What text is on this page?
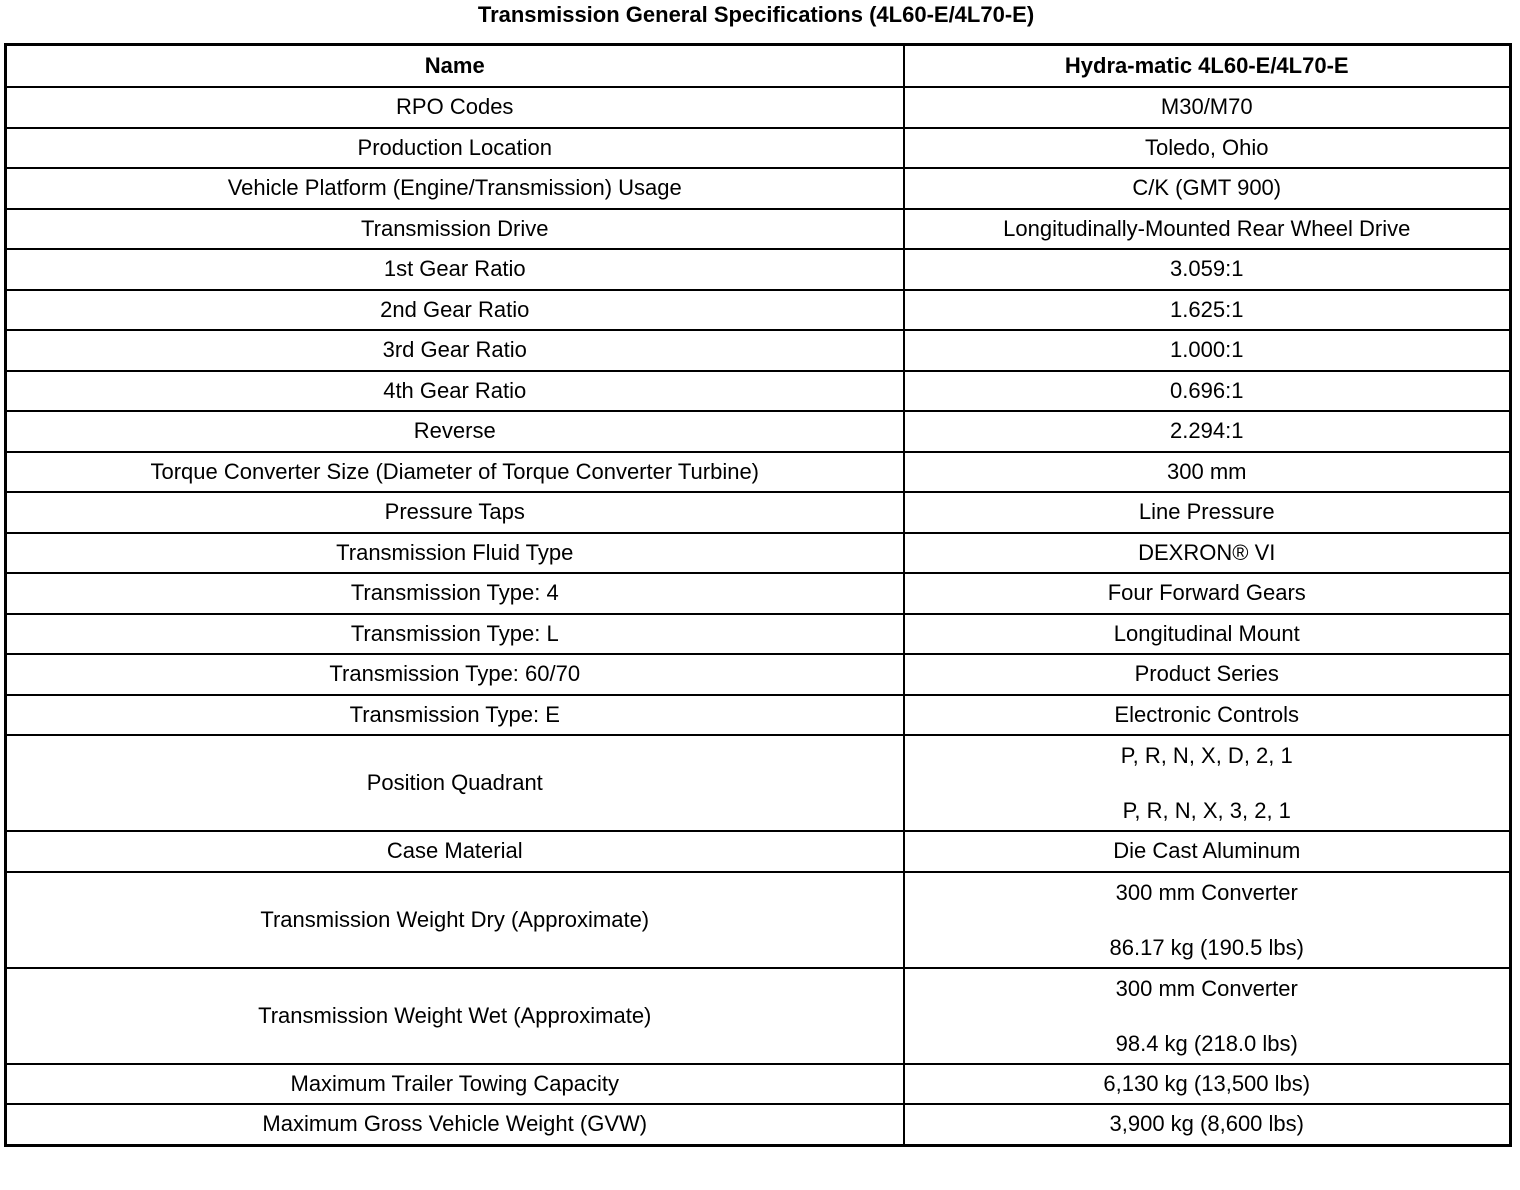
Transmission General Specifications (4L60-E/4L70-E)
Name	Hydra-matic 4L60-E/4L70-E
RPO Codes	M30/M70
Production Location	Toledo, Ohio
Vehicle Platform (Engine/Transmission) Usage	C/K (GMT 900)
Transmission Drive	Longitudinally-Mounted Rear Wheel Drive
1st Gear Ratio	3.059:1
2nd Gear Ratio	1.625:1
3rd Gear Ratio	1.000:1
4th Gear Ratio	0.696:1
Reverse	2.294:1
Torque Converter Size (Diameter of Torque Converter Turbine)	300 mm
Pressure Taps	Line Pressure
Transmission Fluid Type	DEXRON® VI
Transmission Type: 4	Four Forward Gears
Transmission Type: L	Longitudinal Mount
Transmission Type: 60/70	Product Series
Transmission Type: E	Electronic Controls
Position Quadrant	P, R, N, X, D, 2, 1
P, R, N, X, 3, 2, 1

Case Material	Die Cast Aluminum
Transmission Weight Dry (Approximate)	300 mm Converter
86.17 kg (190.5 lbs)

Transmission Weight Wet (Approximate)	300 mm Converter
98.4 kg (218.0 lbs)

Maximum Trailer Towing Capacity	6,130 kg (13,500 lbs)
Maximum Gross Vehicle Weight (GVW)	3,900 kg (8,600 lbs)
